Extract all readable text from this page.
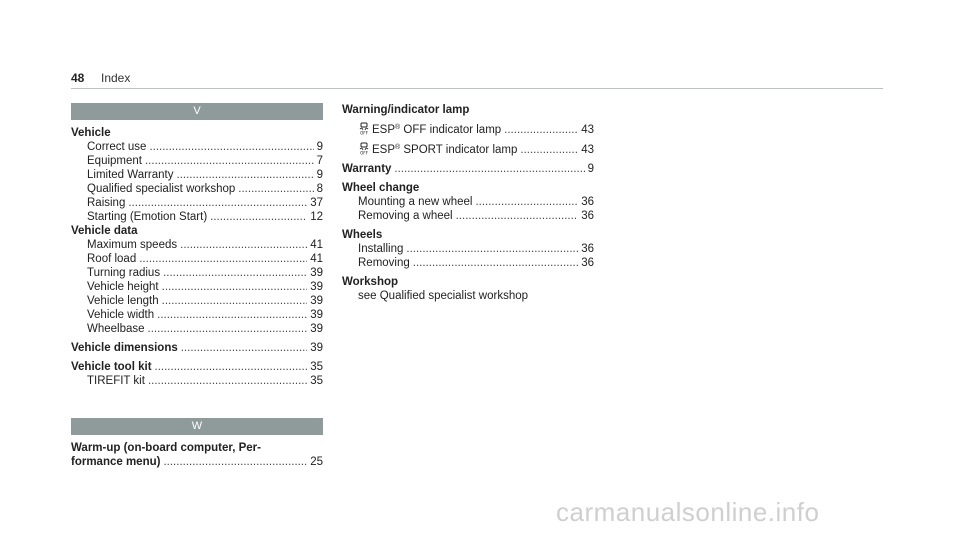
48 Index
V
Vehicle
Correct use .....	9
Equipment .....	7
Limited Warranty .....	9
Qualified specialist workshop .....	8
Raising .....	37
Starting (Emotion Start) .....	12
Vehicle data
Maximum speeds .....	41
Roof load .....	41
Turning radius .....	39
Vehicle height .....	39
Vehicle length .....	39
Vehicle width .....	39
Wheelbase .....	39
Vehicle dimensions .....	39
Vehicle tool kit .....	35
TIREFIT kit .....	35
W
Warm-up (on-board computer, Per-
formance menu) .....	25
Warning/indicator lamp
OFF ESP® OFF indicator lamp .....	43
OFF ESP® SPORT indicator lamp .....	43
Warranty .....	9
Wheel change
Mounting a new wheel .....	36
Removing a wheel .....	36
Wheels
Installing .....	36
Removing .....	36
Workshop
see Qualified specialist workshop
carmanualsonline.info
